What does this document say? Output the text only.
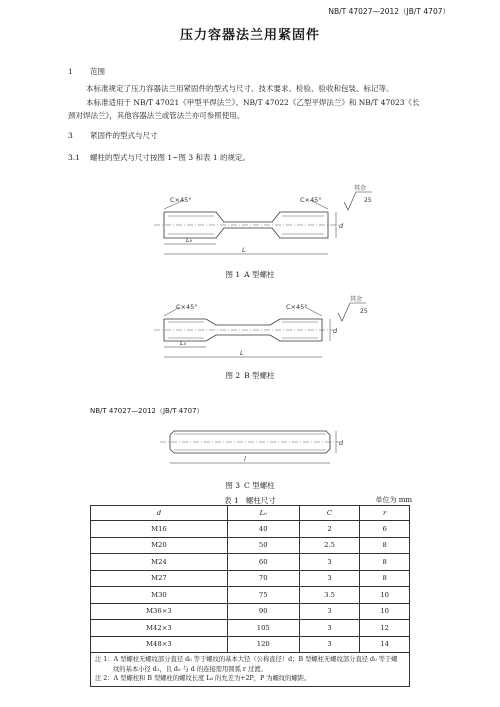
NB/T 47027—2012（JB/T 4707）
压力容器法兰用紧固件
1 范围
本标准规定了压力容器法兰用紧固件的型式与尺寸、技术要求、检验、验收和包装、标记等。
本标准适用于 NB/T 47021《甲型平焊法兰》、NB/T 47022《乙型平焊法兰》和 NB/T 47023《长
颈对焊法兰》，其他容器法兰或管法兰亦可参照使用。
3 紧固件的型式与尺寸
3.1 螺柱的型式与尺寸按图 1~图 3 和表 1 的规定。
C×45°	C×45°
其余
25
L₀
L
d
图 1 A 型螺柱
C×45°	C×45°
其余
25
L₀
L
d
图 2 B 型螺柱
NB/T 47027—2012（JB/T 4707）
l
d
图 3 C 型螺柱
表 1 螺柱尺寸	单位为 mm
d	L₀	C	r
M16	40	2	6
M20	50	2.5	8
M24	60	3	8
M27	70	3	8
M30	75	3.5	10
M36×3	90	3	10
M42×3	105	3	12
M48×3	120	3	14

注 1：A 型螺柱无螺纹部分直径 d₀ 等于螺纹的基本大径（公称直径）d；B 型螺柱无螺纹部分直径 d₀ 等于螺
纹的基本小径 d₁，且 d₀ 与 d 的连接需用圆弧 r 过渡。
注 2：A 型螺柱和 B 型螺柱的螺纹长度 L₀ 的允差为+2P，P 为螺纹的螺距。			
